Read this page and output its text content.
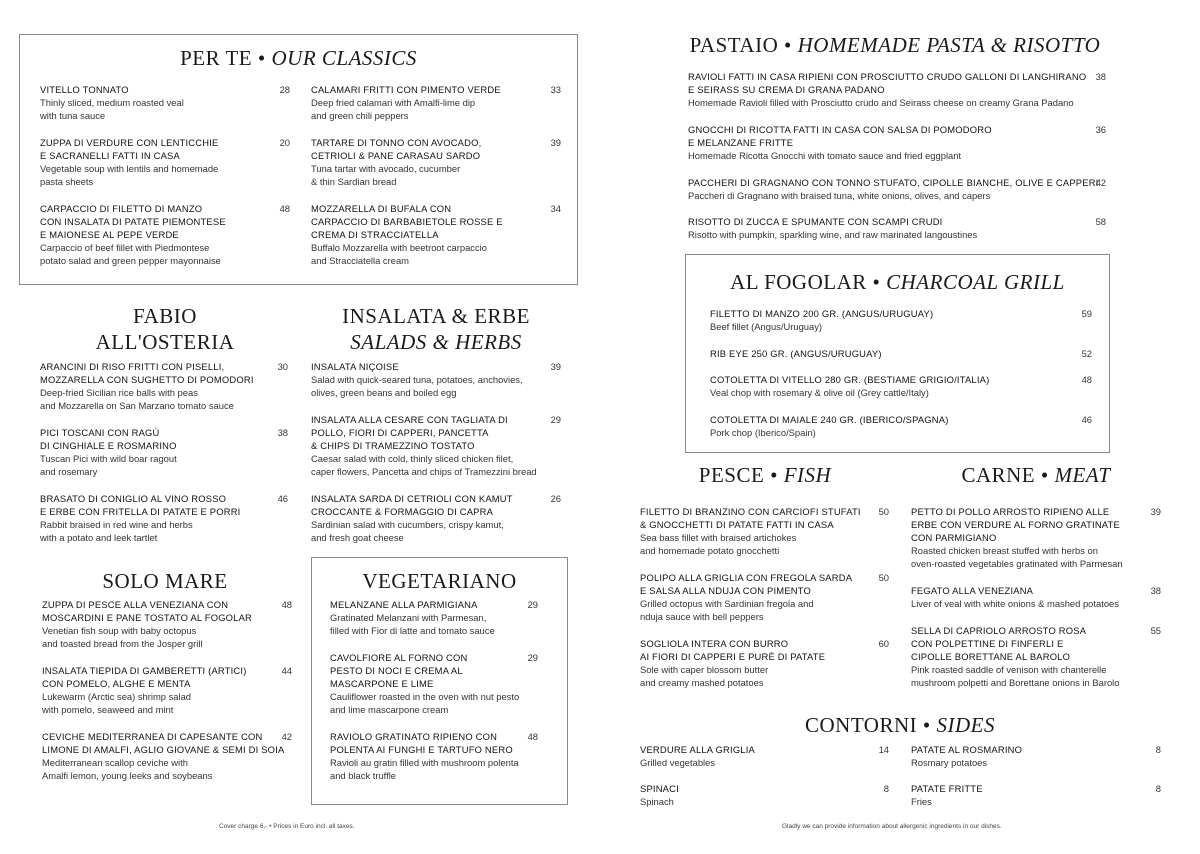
PER TE • OUR CLASSICS
VITELLO TONNATO
Thinly sliced, medium roasted veal
with tuna sauce
28 CALAMARI FRITTI CON PIMENTO VERDE
Deep fried calamari with Amalfi-lime dip
and green chili peppers
33
ZUPPA DI VERDURE CON LENTICCHIE
E SACRANELLI FATTI IN CASA
Vegetable soup with lentils and homemade
pasta sheets
20 TARTARE DI TONNO CON AVOCADO,
CETRIOLI & PANE CARASAU SARDO
Tuna tartar with avocado, cucumber
& thin Sardian bread
39
CARPACCIO DI FILETTO DI MANZO
CON INSALATA DI PATATE PIEMONTESE
E MAIONESE AL PEPE VERDE
Carpaccio of beef fillet with Piedmontese
potato salad and green pepper mayonnaise
48 MOZZARELLA DI BUFALA CON
CARPACCIO DI BARBABIETOLE ROSSE E
CREMA DI STRACCIATELLA
Buffalo Mozzarella with beetroot carpaccio
and Stracciatella cream
34
FABIO
ALL'OSTERIA
ARANCINI DI RISO FRITTI CON PISELLI,
MOZZARELLA CON SUGHETTO DI POMODORI
Deep-fried Sicilian rice balls with peas
and Mozzarella on San Marzano tomato sauce
30
PICI TOSCANI CON RAGÙ
DI CINGHIALE E ROSMARINO
Tuscan Pici with wild boar ragout
and rosemary
38
BRASATO DI CONIGLIO AL VINO ROSSO
E ERBE CON FRITELLA DI PATATE E PORRI
Rabbit braised in red wine and herbs
with a potato and leek tartlet
46
INSALATA & ERBE
SALADS & HERBS
INSALATA NIÇOISE
Salad with quick-seared tuna, potatoes, anchovies,
olives, green beans and boiled egg
39
INSALATA ALLA CESARE CON TAGLIATA DI
POLLO, FIORI DI CAPPERI, PANCETTA
& CHIPS DI TRAMEZZINO TOSTATO
Caesar salad with cold, thinly sliced chicken filet,
caper flowers, Pancetta and chips of Tramezzini bread
29
INSALATA SARDA DI CETRIOLI CON KAMUT
CROCCANTE & FORMAGGIO DI CAPRA
Sardinian salad with cucumbers, crispy kamut,
and fresh goat cheese
26
SOLO MARE
ZUPPA DI PESCE ALLA VENEZIANA CON
MOSCARDINI E PANE TOSTATO AL FOGOLAR
Venetian fish soup with baby octopus
and toasted bread from the Josper grill
48
INSALATA TIEPIDA DI GAMBERETTI (ARTICI)
CON POMELO, ALGHE E MENTA
Lukewarm (Arctic sea) shrimp salad
with pomelo, seaweed and mint
44
CEVICHE MEDITERRANEA DI CAPESANTE CON
LIMONE DI AMALFI, AGLIO GIOVANE & SEMI DI SOIA
Mediterranean scallop ceviche with
Amalfi lemon, young leeks and soybeans
42
VEGETARIANO
MELANZANE ALLA PARMIGIANA
Gratinated Melanzani with Parmesan,
filled with Fior di latte and tomato sauce
29
CAVOLFIORE AL FORNO CON
PESTO DI NOCI E CREMA AL
MASCARPONE E LIME
Cauliflower roasted in the oven with nut pesto
and lime mascarpone cream
29
RAVIOLO GRATINATO RIPIENO CON
POLENTA AI FUNGHI E TARTUFO NERO
Ravioli au gratin filled with mushroom polenta
and black truffle
48
Cover charge 6,- • Prices in Euro incl. all taxes.
PASTAIO • HOMEMADE PASTA & RISOTTO
RAVIOLI FATTI IN CASA RIPIENI CON PROSCIUTTO CRUDO GALLONI DI LANGHIRANO
E SEIRASS SU CREMA DI GRANA PADANO
Homemade Ravioli filled with Prosciutto crudo and Seirass cheese on creamy Grana Padano
38
GNOCCHI DI RICOTTA FATTI IN CASA CON SALSA DI POMODORO
E MELANZANE FRITTE
Homemade Ricotta Gnocchi with tomato sauce and fried eggplant
36
PACCHERI DI GRAGNANO CON TONNO STUFATO, CIPOLLE BIANCHE, OLIVE E CAPPERI
Paccheri di Gragnano with braised tuna, white onions, olives, and capers
42
RISOTTO DI ZUCCA E SPUMANTE CON SCAMPI CRUDI
Risotto with pumpkin, sparkling wine, and raw marinated langoustines
58
AL FOGOLAR • CHARCOAL GRILL
FILETTO DI MANZO 200 GR. (ANGUS/URUGUAY)
Beef fillet (Angus/Uruguay)
59
RIB EYE 250 GR. (ANGUS/URUGUAY)	52
COTOLETTA DI VITELLO 280 GR. (BESTIAME GRIGIO/ITALIA)
Veal chop with rosemary & olive oil (Grey cattle/Italy)
48
COTOLETTA DI MAIALE 240 GR. (IBERICO/SPAGNA)
Pork chop (Iberico/Spain)
46
PESCE • FISH
FILETTO DI BRANZINO CON CARCIOFI STUFATI
& GNOCCHETTI DI PATATE FATTI IN CASA
Sea bass fillet with braised artichokes
and homemade potato gnocchetti
50
POLIPO ALLA GRIGLIA CON FREGOLA SARDA
E SALSA ALLA NDUJA CON PIMENTO
Grilled octopus with Sardinian fregola and
nduja sauce with bell peppers
50
SOGLIOLA INTERA CON BURRO
AI FIORI DI CAPPERI E PURÈ DI PATATE
Sole with caper blossom butter
and creamy mashed potatoes
60
CARNE • MEAT
PETTO DI POLLO ARROSTO RIPIENO ALLE
ERBE CON VERDURE AL FORNO GRATINATE
CON PARMIGIANO
Roasted chicken breast stuffed with herbs on
oven-roasted vegetables gratinated with Parmesan
39
FEGATO ALLA VENEZIANA
Liver of veal with white onions & mashed potatoes
38
SELLA DI CAPRIOLO ARROSTO ROSA
CON POLPETTINE DI FINFERLI E
CIPOLLE BORETTANE AL BAROLO
Pink roasted saddle of venison with chanterelle
mushroom polpetti and Borettane onions in Barolo
55
CONTORNI • SIDES
VERDURE ALLA GRIGLIA
Grilled vegetables
14 PATATE AL ROSMARINO
Rosmary potatoes
8
SPINACI
Spinach
8 PATATE FRITTE
Fries
8
Gladly we can provide information about allergenic ingredients in our dishes.
